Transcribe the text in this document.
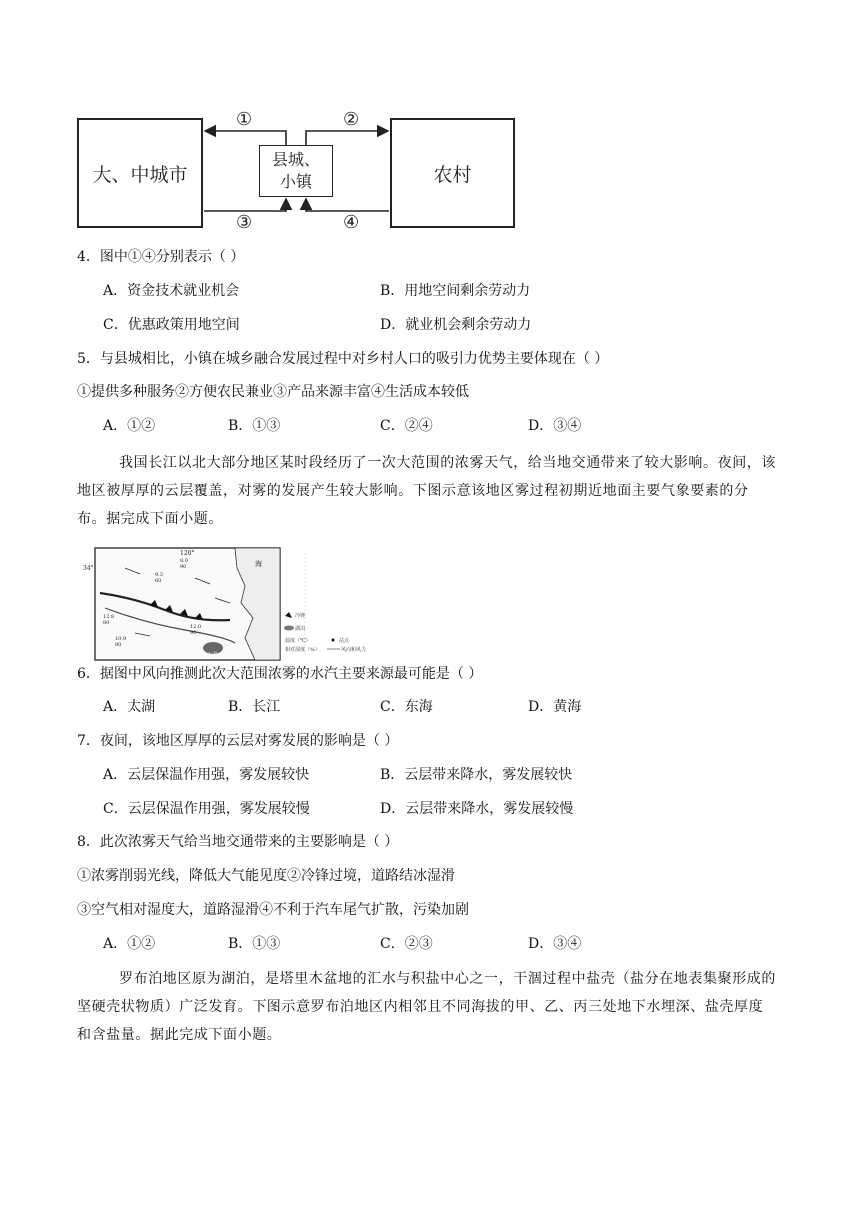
大、中城市
县城、
小镇	农村
①	②
③	④
4．图中①④分别表示（ ）
A．资金技术就业机会	B．用地空间剩余劳动力
C．优惠政策用地空间	D．就业机会剩余劳动力
5．与县城相比，小镇在城乡融合发展过程中对乡村人口的吸引力优势主要体现在（ ）
①提供多种服务②方便农民兼业③产品来源丰富④生活成本较低
A．①②	B．①③	C．②④	D．③④
我国长江以北大部分地区某时段经历了一次大范围的浓雾天气，给当地交通带来了较大影响。夜间，该地区被厚厚的云层覆盖，对雾的发展产生较大影响。下图示意该地区雾过程初期近地面主要气象要素的分布。据完成下面小题。
海
120°
34°
太湖
8.0
90
9.3
60
12.8
80
12.0
90
10.9
80
冷锋
湖泊
温度（℃）
相对湿度（%）
站点
风向和风力
6．据图中风向推测此次大范围浓雾的水汽主要来源最可能是（ ）
A．太湖	B．长江	C．东海	D．黄海
7．夜间，该地区厚厚的云层对雾发展的影响是（ ）
A．云层保温作用强，雾发展较快	B．云层带来降水，雾发展较快
C．云层保温作用强，雾发展较慢	D．云层带来降水，雾发展较慢
8．此次浓雾天气给当地交通带来的主要影响是（ ）
①浓雾削弱光线，降低大气能见度②冷锋过境，道路结冰湿滑
③空气相对湿度大，道路湿滑④不利于汽车尾气扩散，污染加剧
A．①②	B．①③	C．②③	D．③④
罗布泊地区原为湖泊，是塔里木盆地的汇水与积盐中心之一，干涸过程中盐壳（盐分在地表集聚形成的坚硬壳状物质）广泛发育。下图示意罗布泊地区内相邻且不同海拔的甲、乙、丙三处地下水埋深、盐壳厚度和含盐量。据此完成下面小题。
